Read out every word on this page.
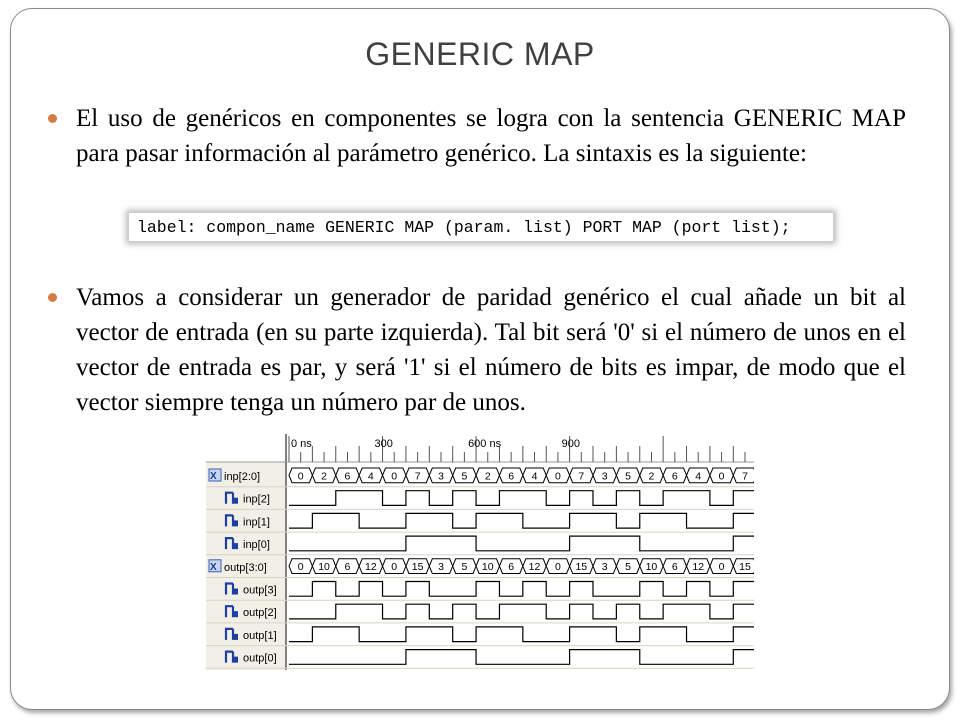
GENERIC MAP
El uso de genéricos en componentes se logra con la sentencia GENERIC MAP para pasar información al parámetro genérico. La sintaxis es la siguiente:
label: compon_name GENERIC MAP (param. list) PORT MAP (port list);
Vamos a considerar un generador de paridad genérico el cual añade un bit al vector de entrada (en su parte izquierda). Tal bit será '0' si el número de unos en el vector de entrada es par, y será '1' si el número de bits es impar, de modo que el vector siempre tenga un número par de unos.
0 ns	300	600 ns	900
X inp[2:0]
inp[2]
inp[1]
inp[0]
X outp[3:0]
outp[3]
outp[2]
outp[1]
outp[0]
0 2 6 4 0 7 3 5 2 6 4 0 7 3 5 2 6 4 0 7
0 10 6 12 0 15 3 5 10 6 12 0 15 3 5 10 6 12 0 15
